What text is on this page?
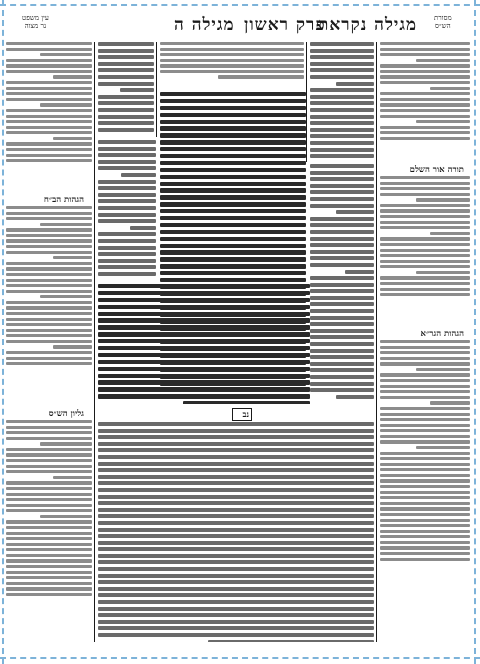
מגילה ה פרק ראשון
מגילה נקראת
עין משפט
נר מצוה
מסורת
הש״ס
הגהות הב״ח
גליון הש״ס
תורה אור השלם
הגהות הגר״א
נב
